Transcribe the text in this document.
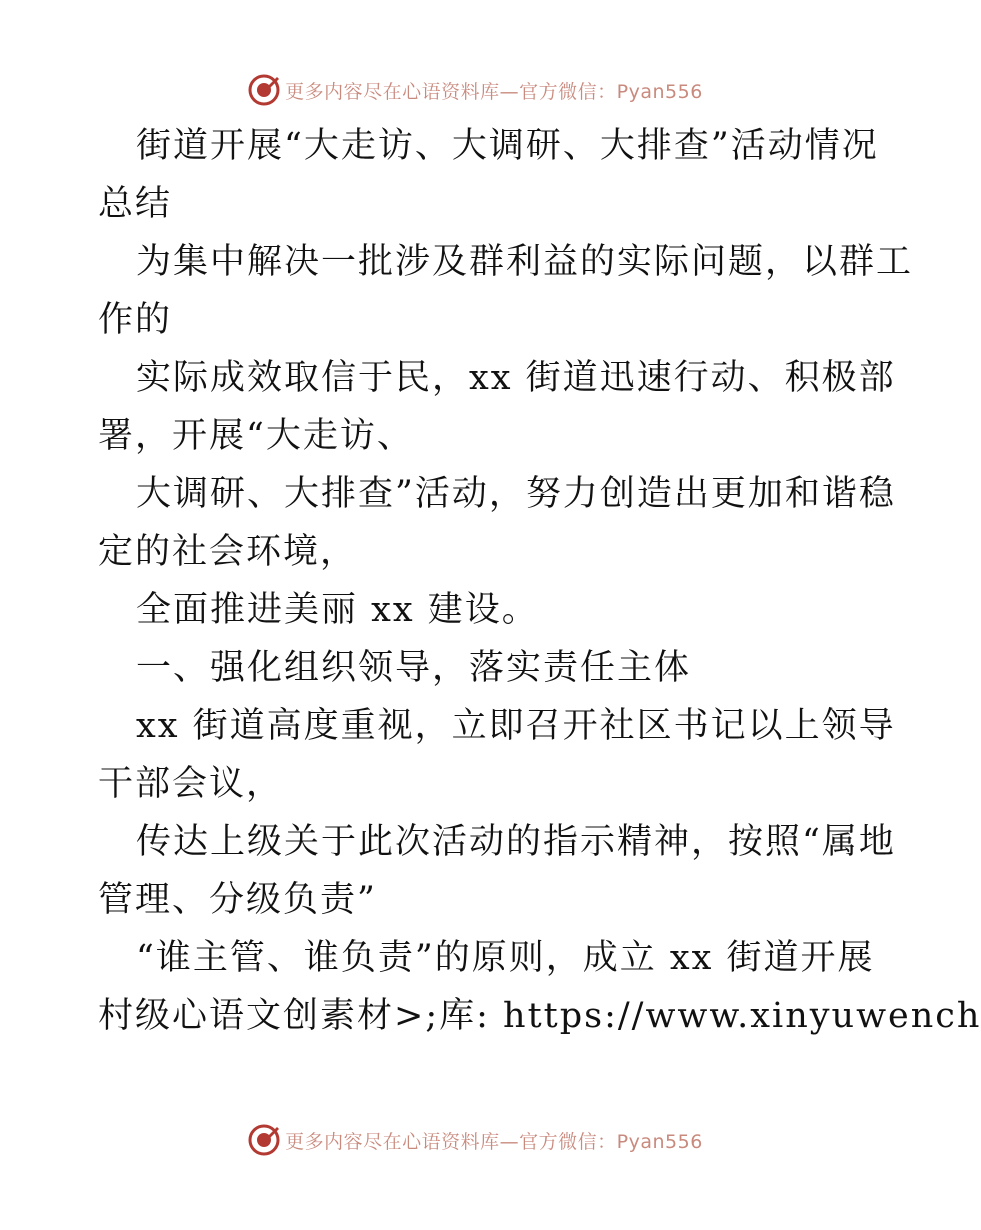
更多内容尽在心语资料库—官方微信：Pyan556
街道开展“大走访、大调研、大排查”活动情况
总结
为集中解决一批涉及群利益的实际问题，以群工
作的
实际成效取信于民，xx 街道迅速行动、积极部
署，开展“大走访、
大调研、大排查”活动，努力创造出更加和谐稳
定的社会环境，
全面推进美丽 xx 建设。
一、强化组织领导，落实责任主体
xx 街道高度重视，立即召开社区书记以上领导
干部会议，
传达上级关于此次活动的指示精神，按照“属地
管理、分级负责”
“谁主管、谁负责”的原则，成立 xx 街道开展
村级心语文创素材>;库: https://www.xinyuwench
更多内容尽在心语资料库—官方微信：Pyan556
